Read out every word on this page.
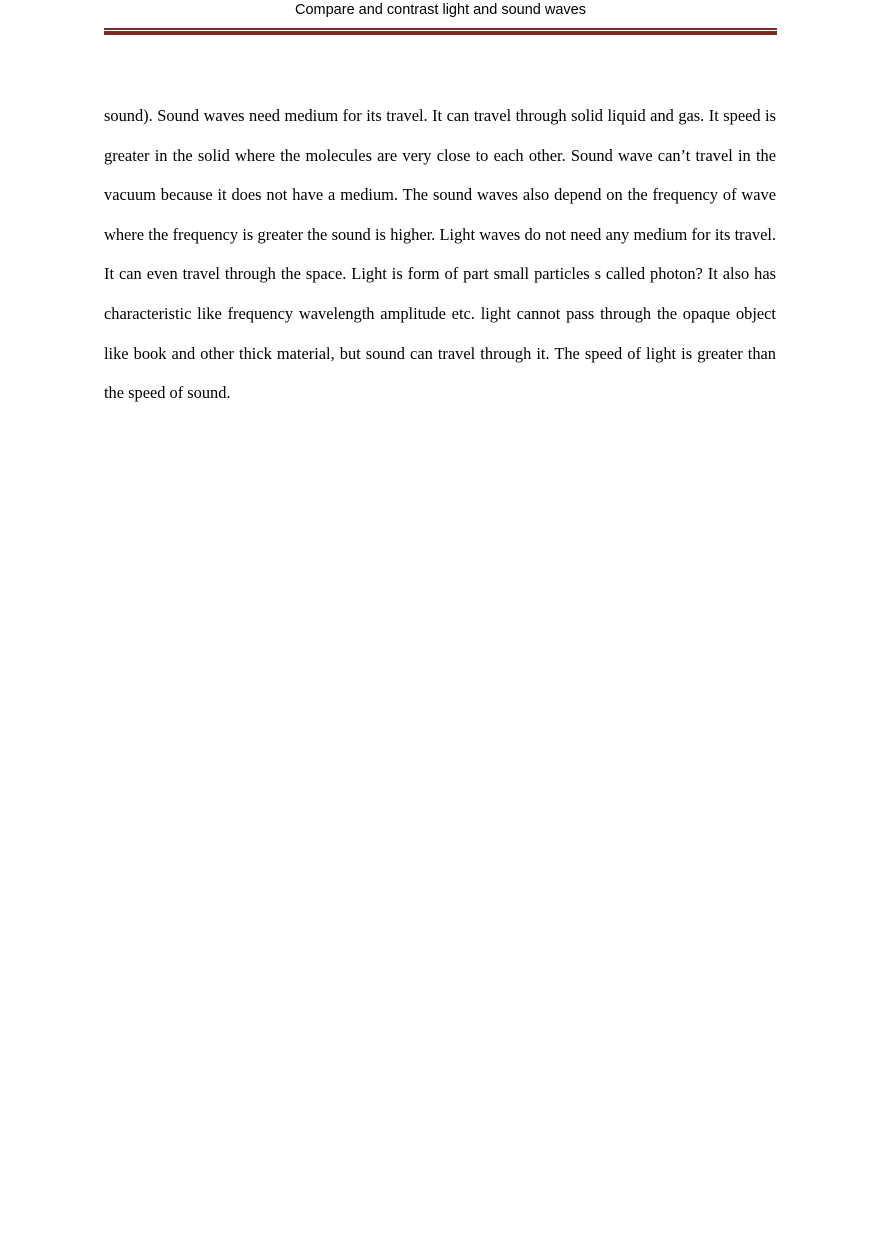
Compare and contrast light and sound waves

sound). Sound waves need medium for its travel. It can travel through solid liquid and gas. It speed is greater in the solid where the molecules are very close to each other. Sound wave can’t travel in the vacuum because it does not have a medium. The sound waves also depend on the frequency of wave where the frequency is greater the sound is higher. Light waves do not need any medium for its travel. It can even travel through the space. Light is form of part small particles s called photon? It also has characteristic like frequency wavelength amplitude etc. light cannot pass through the opaque object like book and other thick material, but sound can travel through it. The speed of light is greater than the speed of sound.
